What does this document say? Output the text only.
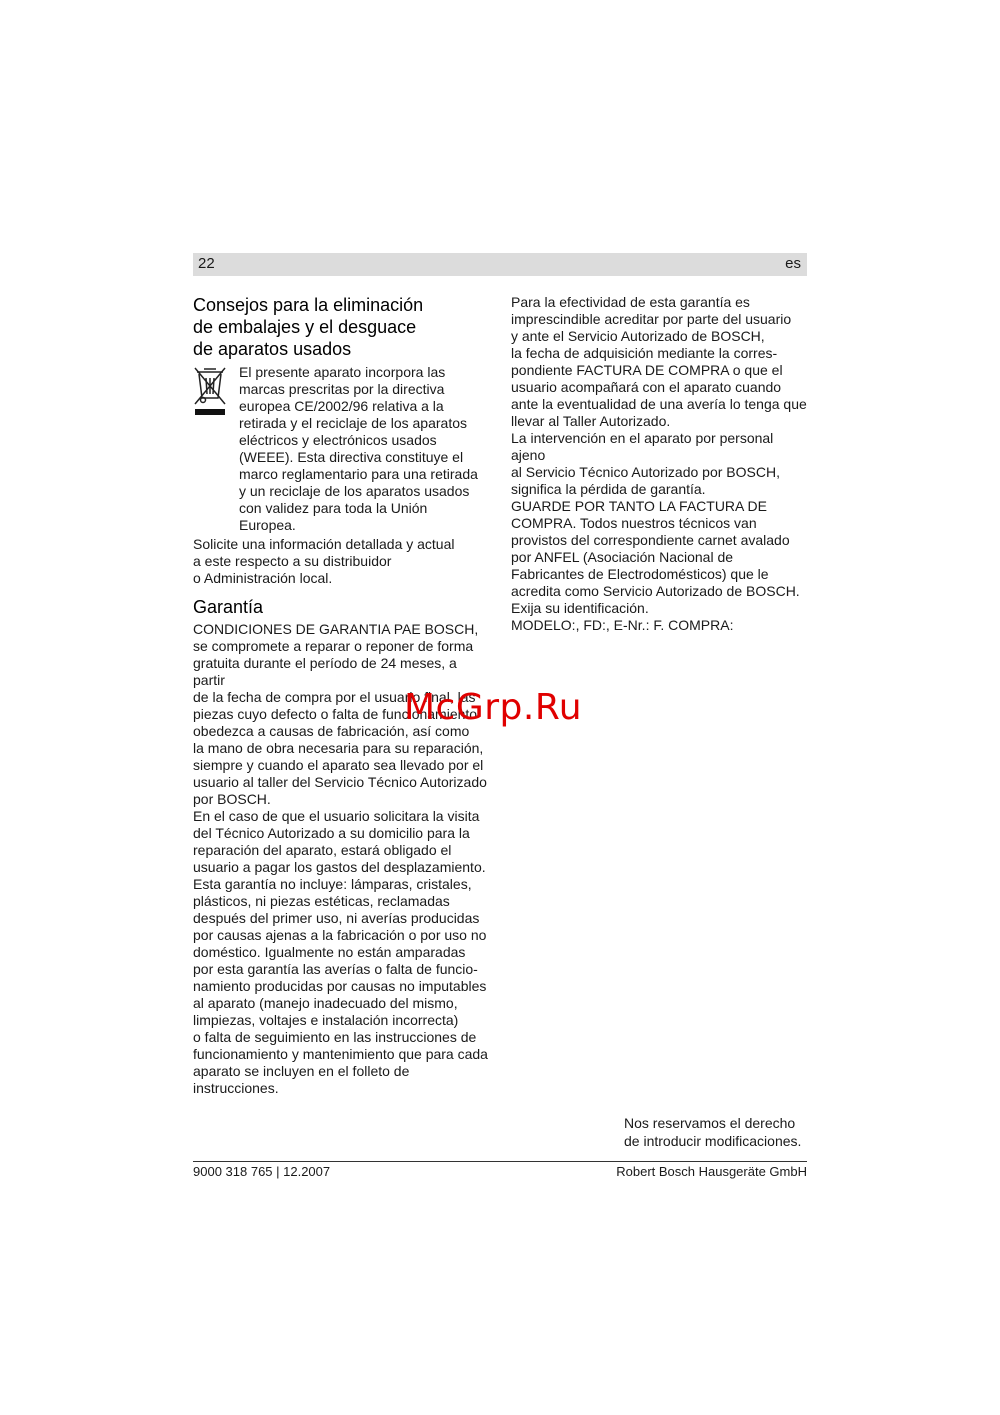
22	es
Consejos para la eliminación
de embalajes y el desguace
de aparatos usados

El presente aparato incorpora las
marcas prescritas por la directiva
europea CE/2002/96 relativa a la
retirada y el reciclaje de los aparatos
eléctricos y electrónicos usados
(WEEE). Esta directiva constituye el
marco reglamentario para una retirada
y un reciclaje de los aparatos usados
con validez para toda la Unión
Europea.

Solicite una información detallada y actual
a este respecto a su distribuidor
o Administración local.

Garantía

CONDICIONES DE GARANTIA PAE BOSCH,
se compromete a reparar o reponer de forma
gratuita durante el período de 24 meses, a partir
de la fecha de compra por el usuario final, las
piezas cuyo defecto o falta de funcionamiento
obedezca a causas de fabricación, así como
la mano de obra necesaria para su reparación,
siempre y cuando el aparato sea llevado por el
usuario al taller del Servicio Técnico Autorizado
por BOSCH.

En el caso de que el usuario solicitara la visita
del Técnico Autorizado a su domicilio para la
reparación del aparato, estará obligado el
usuario a pagar los gastos del desplazamiento.

Esta garantía no incluye: lámparas, cristales,
plásticos, ni piezas estéticas, reclamadas
después del primer uso, ni averías producidas
por causas ajenas a la fabricación o por uso no
doméstico. Igualmente no están amparadas
por esta garantía las averías o falta de funcio-
namiento producidas por causas no imputables
al aparato (manejo inadecuado del mismo,
limpiezas, voltajes e instalación incorrecta)
o falta de seguimiento en las instrucciones de
funcionamiento y mantenimiento que para cada
aparato se incluyen en el folleto de
instrucciones.

Para la efectividad de esta garantía es
imprescindible acreditar por parte del usuario
y ante el Servicio Autorizado de BOSCH,
la fecha de adquisición mediante la corres-
pondiente FACTURA DE COMPRA o que el
usuario acompañará con el aparato cuando
ante la eventualidad de una avería lo tenga que
llevar al Taller Autorizado.

La intervención en el aparato por personal ajeno
al Servicio Técnico Autorizado por BOSCH,
significa la pérdida de garantía.

GUARDE POR TANTO LA FACTURA DE
COMPRA. Todos nuestros técnicos van
provistos del correspondiente carnet avalado
por ANFEL (Asociación Nacional de
Fabricantes de Electrodomésticos) que le
acredita como Servicio Autorizado de BOSCH.
Exija su identificación.

MODELO:, FD:, E-Nr.: F. COMPRA:

McGrp.Ru

Nos reservamos el derecho
de introducir modificaciones.

9000 318 765 | 12.2007	Robert Bosch Hausgeräte GmbH
